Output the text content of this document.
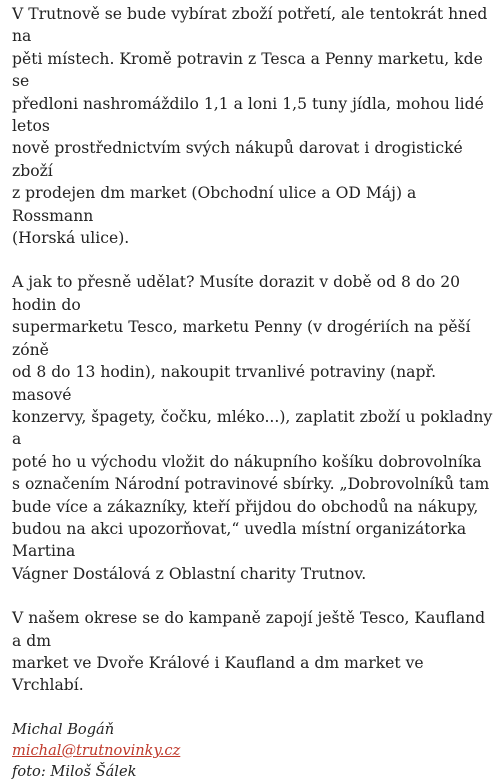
V Trutnově se bude vybírat zboží potřetí, ale tentokrát hned na
pěti místech. Kromě potravin z Tesca a Penny marketu, kde se
předloni nashromáždilo 1,1 a loni 1,5 tuny jídla, mohou lidé letos
nově prostřednictvím svých nákupů darovat i drogistické zboží
z prodejen dm market (Obchodní ulice a OD Máj) a Rossmann
(Horská ulice).

A jak to přesně udělat? Musíte dorazit v době od 8 do 20 hodin do
supermarketu Tesco, marketu Penny (v drogériích na pěší zóně
od 8 do 13 hodin), nakoupit trvanlivé potraviny (např. masové
konzervy, špagety, čočku, mléko...), zaplatit zboží u pokladny a
poté ho u východu vložit do nákupního košíku dobrovolníka
s označením Národní potravinové sbírky. „Dobrovolníků tam
bude více a zákazníky, kteří přijdou do obchodů na nákupy,
budou na akci upozorňovat,“ uvedla místní organizátorka Martina
Vágner Dostálová z Oblastní charity Trutnov.

V našem okrese se do kampaně zapojí ještě Tesco, Kaufland a dm
market ve Dvoře Králové i Kaufland a dm market ve Vrchlabí.

Michal Bogáň
michal@trutnovinky.cz
foto: Miloš Šálek
